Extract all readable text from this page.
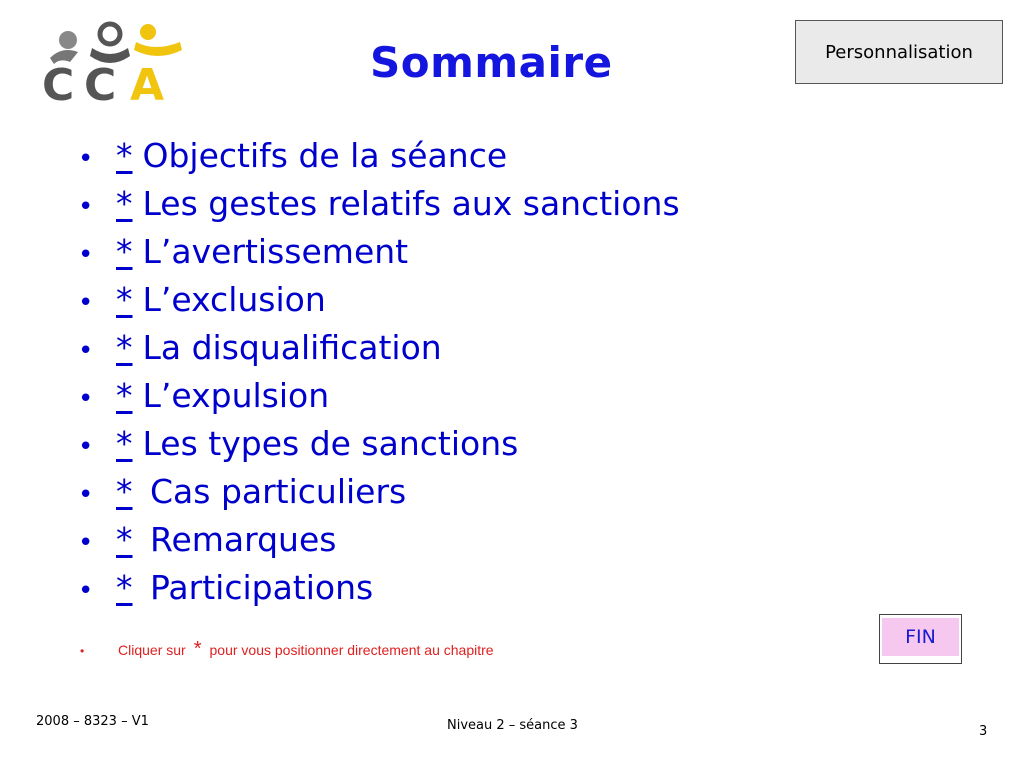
C C A	Sommaire	Personnalisation
• * Objectifs de la séance
• * Les gestes relatifs aux sanctions
• * L’avertissement
• * L’exclusion
• * La disqualification
• * L’expulsion
• * Les types de sanctions
• * Cas particuliers
• * Remarques
• * Participations
•	Cliquer sur * pour vous positionner directement au chapitre
FIN
2008 – 8323 – V1	Niveau 2 – séance 3	3
